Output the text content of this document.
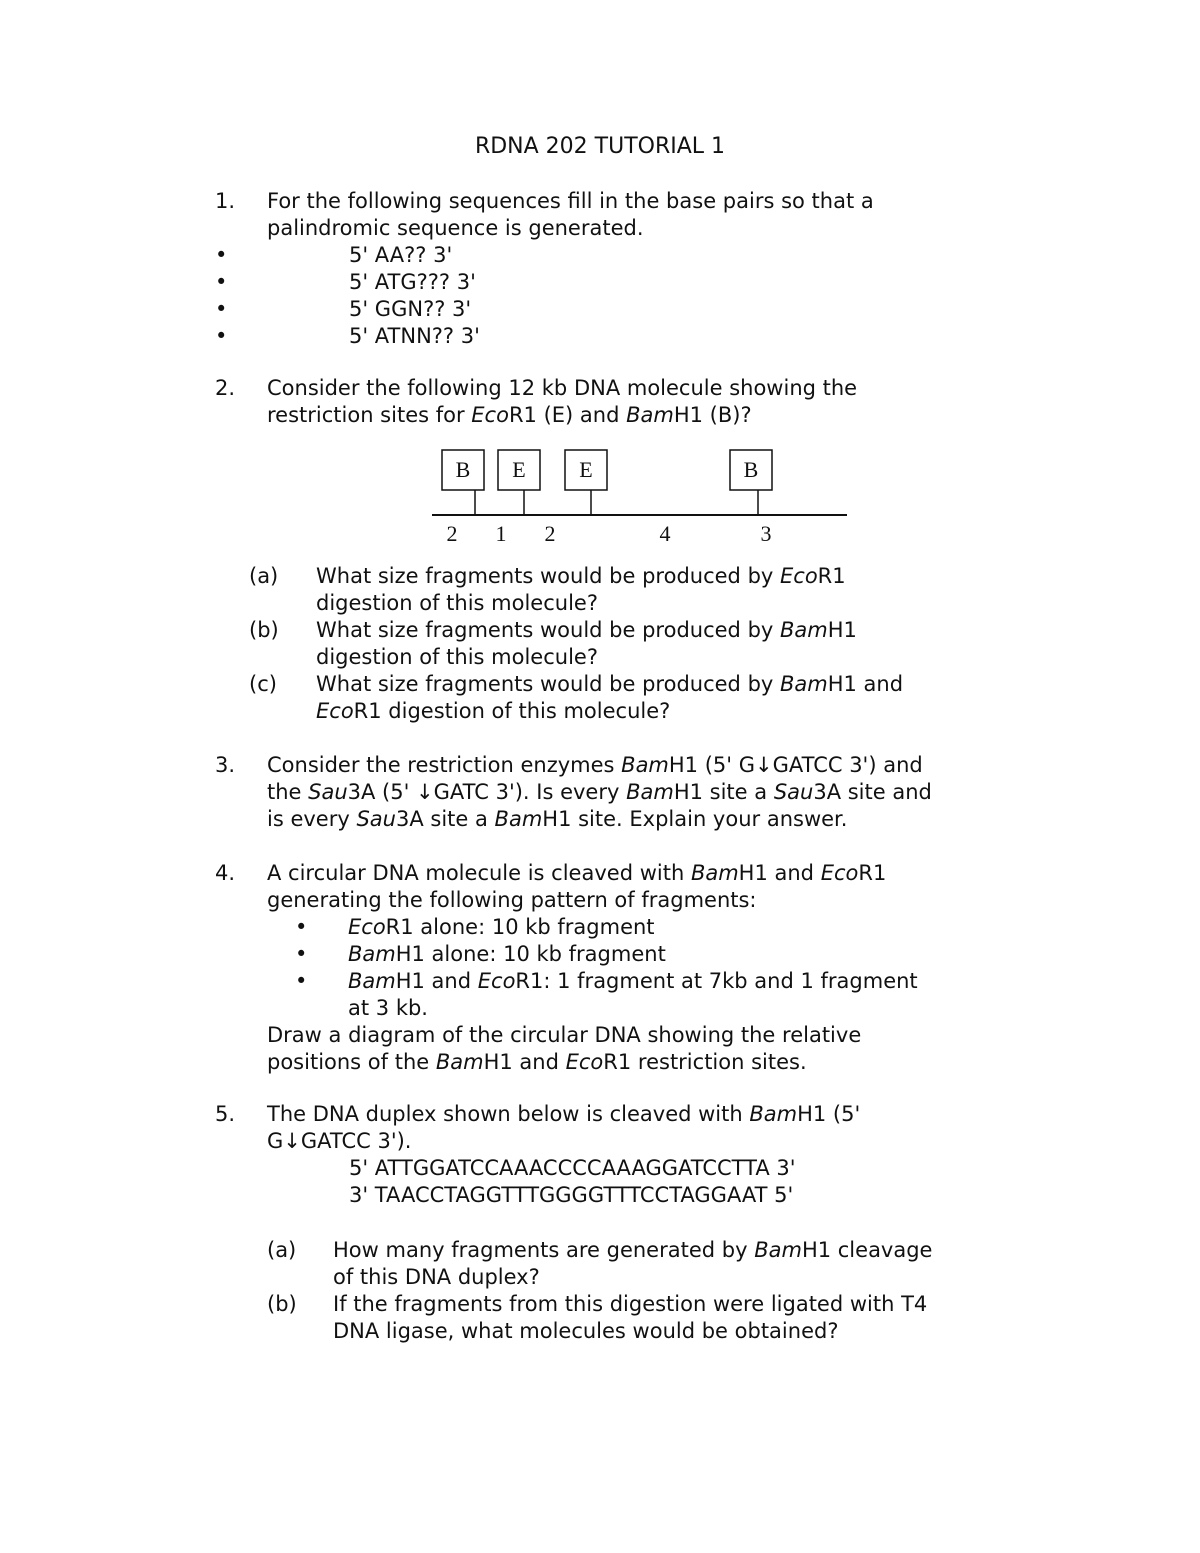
RDNA 202 TUTORIAL 1
1. For the following sequences fill in the base pairs so that a
palindromic sequence is generated.
•	5' AA?? 3'
•	5' ATG??? 3'
•	5' GGN?? 3'
•	5' ATNN?? 3'
2. Consider the following 12 kb DNA molecule showing the
restriction sites for EcoR1 (E) and BamH1 (B)?
B E E	B
2 1 2	4	3
(a) What size fragments would be produced by EcoR1
digestion of this molecule?
(b) What size fragments would be produced by BamH1
digestion of this molecule?
(c) What size fragments would be produced by BamH1 and
EcoR1 digestion of this molecule?
3. Consider the restriction enzymes BamH1 (5' G↓GATCC 3') and
the Sau3A (5' ↓GATC 3'). Is every BamH1 site a Sau3A site and
is every Sau3A site a BamH1 site. Explain your answer.
4. A circular DNA molecule is cleaved with BamH1 and EcoR1
generating the following pattern of fragments:
• EcoR1 alone: 10 kb fragment
• BamH1 alone: 10 kb fragment
• BamH1 and EcoR1: 1 fragment at 7kb and 1 fragment
at 3 kb.
Draw a diagram of the circular DNA showing the relative
positions of the BamH1 and EcoR1 restriction sites.
5. The DNA duplex shown below is cleaved with BamH1 (5'
G↓GATCC 3').
5' ATTGGATCCAAACCCCAAAGGATCCTTA 3'
3' TAACCTAGGTTTGGGGTTTCCTAGGAAT 5'
(a) How many fragments are generated by BamH1 cleavage
of this DNA duplex?
(b) If the fragments from this digestion were ligated with T4
DNA ligase, what molecules would be obtained?
